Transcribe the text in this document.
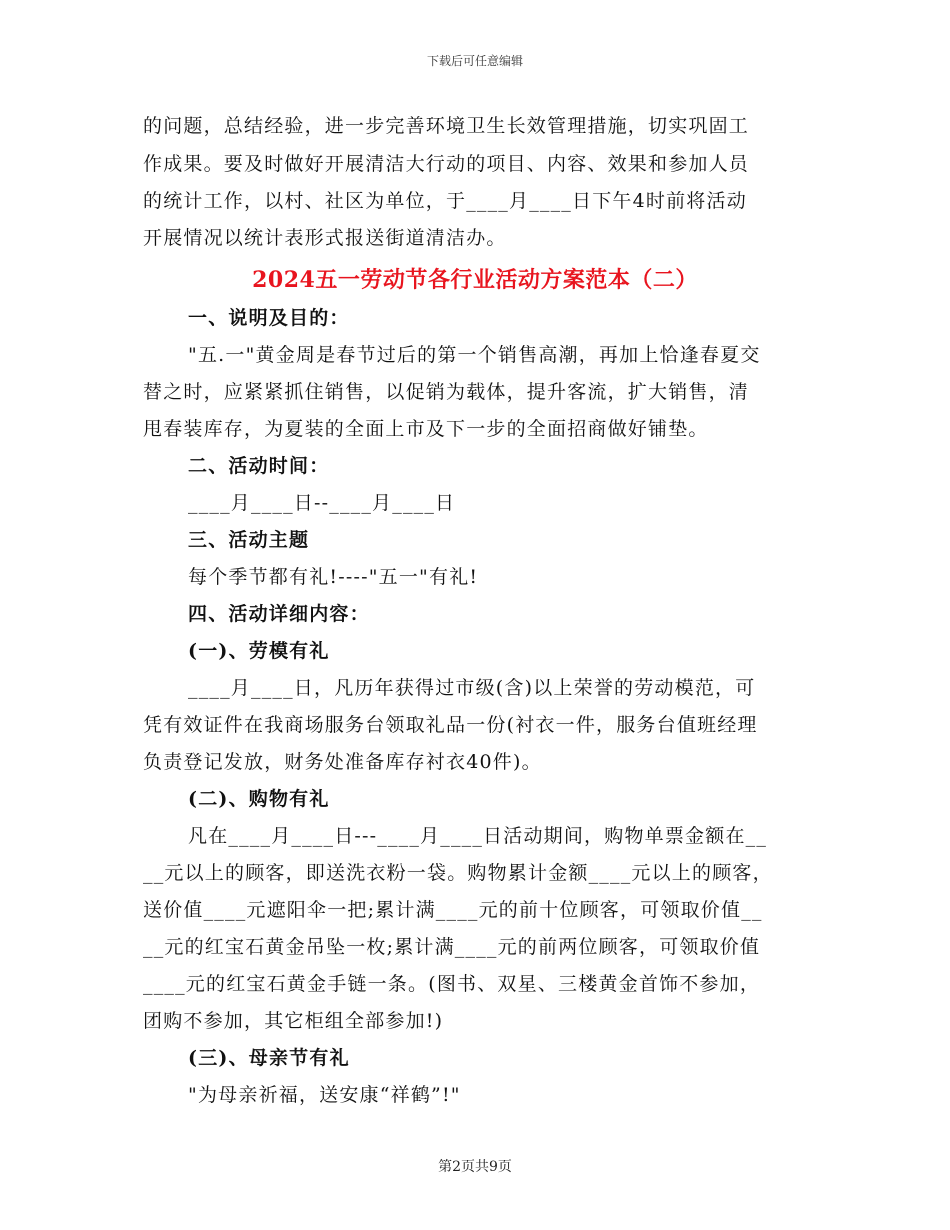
下载后可任意编辑
的问题，总结经验，进一步完善环境卫生长效管理措施，切实巩固工
作成果。要及时做好开展清洁大行动的项目、内容、效果和参加人员
的统计工作，以村、社区为单位，于____月____日下午4时前将活动
开展情况以统计表形式报送街道清洁办。
2024五一劳动节各行业活动方案范本（二）
一、说明及目的：
"五.一"黄金周是春节过后的第一个销售高潮，再加上恰逢春夏交
替之时，应紧紧抓住销售，以促销为载体，提升客流，扩大销售，清
甩春装库存，为夏装的全面上市及下一步的全面招商做好铺垫。
二、活动时间：
____月____日--____月____日
三、活动主题
每个季节都有礼!----"五一"有礼!
四、活动详细内容：
(一)、劳模有礼
____月____日，凡历年获得过市级(含)以上荣誉的劳动模范，可
凭有效证件在我商场服务台领取礼品一份(衬衣一件，服务台值班经理
负责登记发放，财务处准备库存衬衣40件)。
(二)、购物有礼
凡在____月____日---____月____日活动期间，购物单票金额在__
__元以上的顾客，即送洗衣粉一袋。购物累计金额____元以上的顾客，
送价值____元遮阳伞一把;累计满____元的前十位顾客，可领取价值__
__元的红宝石黄金吊坠一枚;累计满____元的前两位顾客，可领取价值
____元的红宝石黄金手链一条。(图书、双星、三楼黄金首饰不参加，
团购不参加，其它柜组全部参加!)
(三)、母亲节有礼
"为母亲祈福，送安康“祥鹤”!"
第2页共9页
